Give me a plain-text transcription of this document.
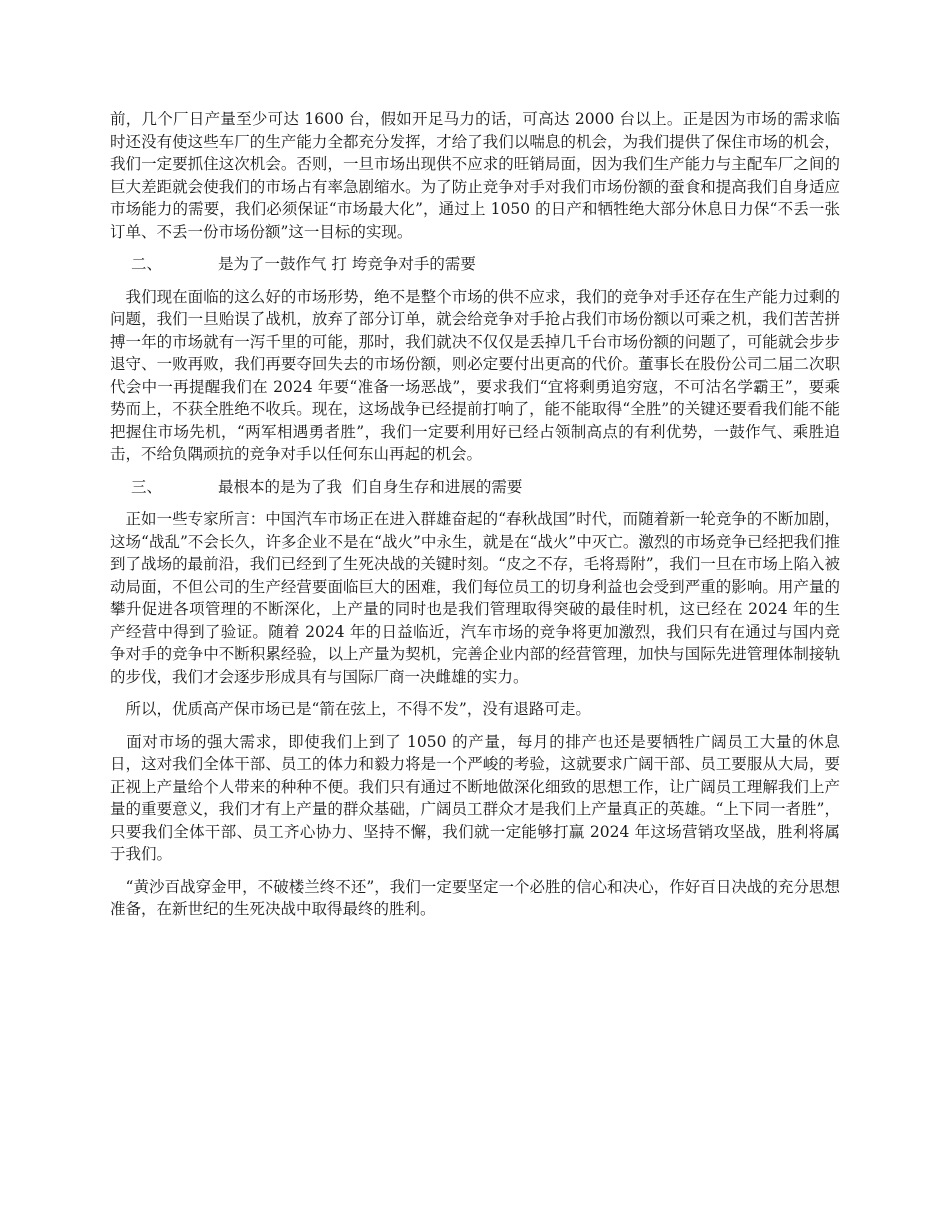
前，几个厂日产量至少可达 1600 台，假如开足马力的话，可高达 2000 台以上。正是因为市场的需求临时还没有使这些车厂的生产能力全都充分发挥，才给了我们以喘息的机会，为我们提供了保住市场的机会，我们一定要抓住这次机会。否则，一旦市场出现供不应求的旺销局面，因为我们生产能力与主配车厂之间的巨大差距就会使我们的市场占有率急剧缩水。为了防止竞争对手对我们市场份额的蚕食和提高我们自身适应市场能力的需要，我们必须保证“市场最大化”，通过上 1050 的日产和牺牲绝大部分休息日力保“不丢一张订单、不丢一份市场份额”这一目标的实现。

二、	是为了一鼓作气 打 垮竞争对手的需要

　我们现在面临的这么好的市场形势，绝不是整个市场的供不应求，我们的竞争对手还存在生产能力过剩的问题，我们一旦贻误了战机，放弃了部分订单，就会给竞争对手抢占我们市场份额以可乘之机，我们苦苦拼搏一年的市场就有一泻千里的可能，那时，我们就决不仅仅是丢掉几千台市场份额的问题了，可能就会步步退守、一败再败，我们再要夺回失去的市场份额，则必定要付出更高的代价。董事长在股份公司二届二次职代会中一再提醒我们在 2024 年要“准备一场恶战”，要求我们“宜将剩勇追穷寇，不可沽名学霸王”，要乘势而上，不获全胜绝不收兵。现在，这场战争已经提前打响了，能不能取得“全胜”的关键还要看我们能不能把握住市场先机，“两军相遇勇者胜”，我们一定要利用好已经占领制高点的有利优势，一鼓作气、乘胜追击，不给负隅顽抗的竞争对手以任何东山再起的机会。

三、	最根本的是为了我  们自身生存和进展的需要

　正如一些专家所言：中国汽车市场正在进入群雄奋起的“春秋战国”时代，而随着新一轮竞争的不断加剧，这场“战乱”不会长久，许多企业不是在“战火”中永生，就是在“战火”中灭亡。激烈的市场竞争已经把我们推到了战场的最前沿，我们已经到了生死决战的关键时刻。“皮之不存，毛将焉附”，我们一旦在市场上陷入被动局面，不但公司的生产经营要面临巨大的困难，我们每位员工的切身利益也会受到严重的影响。用产量的攀升促进各项管理的不断深化，上产量的同时也是我们管理取得突破的最佳时机，这已经在 2024 年的生产经营中得到了验证。随着 2024 年的日益临近，汽车市场的竞争将更加激烈，我们只有在通过与国内竞争对手的竞争中不断积累经验，以上产量为契机，完善企业内部的经营管理，加快与国际先进管理体制接轨的步伐，我们才会逐步形成具有与国际厂商一决雌雄的实力。

　所以，优质高产保市场已是“箭在弦上，不得不发”，没有退路可走。

　面对市场的强大需求，即使我们上到了 1050 的产量，每月的排产也还是要牺牲广阔员工大量的休息日，这对我们全体干部、员工的体力和毅力将是一个严峻的考验，这就要求广阔干部、员工要服从大局，要正视上产量给个人带来的种种不便。我们只有通过不断地做深化细致的思想工作，让广阔员工理解我们上产量的重要意义，我们才有上产量的群众基础，广阔员工群众才是我们上产量真正的英雄。“上下同一者胜”，只要我们全体干部、员工齐心协力、坚持不懈，我们就一定能够打赢 2024 年这场营销攻坚战，胜利将属于我们。

　“黄沙百战穿金甲，不破楼兰终不还”，我们一定要坚定一个必胜的信心和决心，作好百日决战的充分思想准备，在新世纪的生死决战中取得最终的胜利。
